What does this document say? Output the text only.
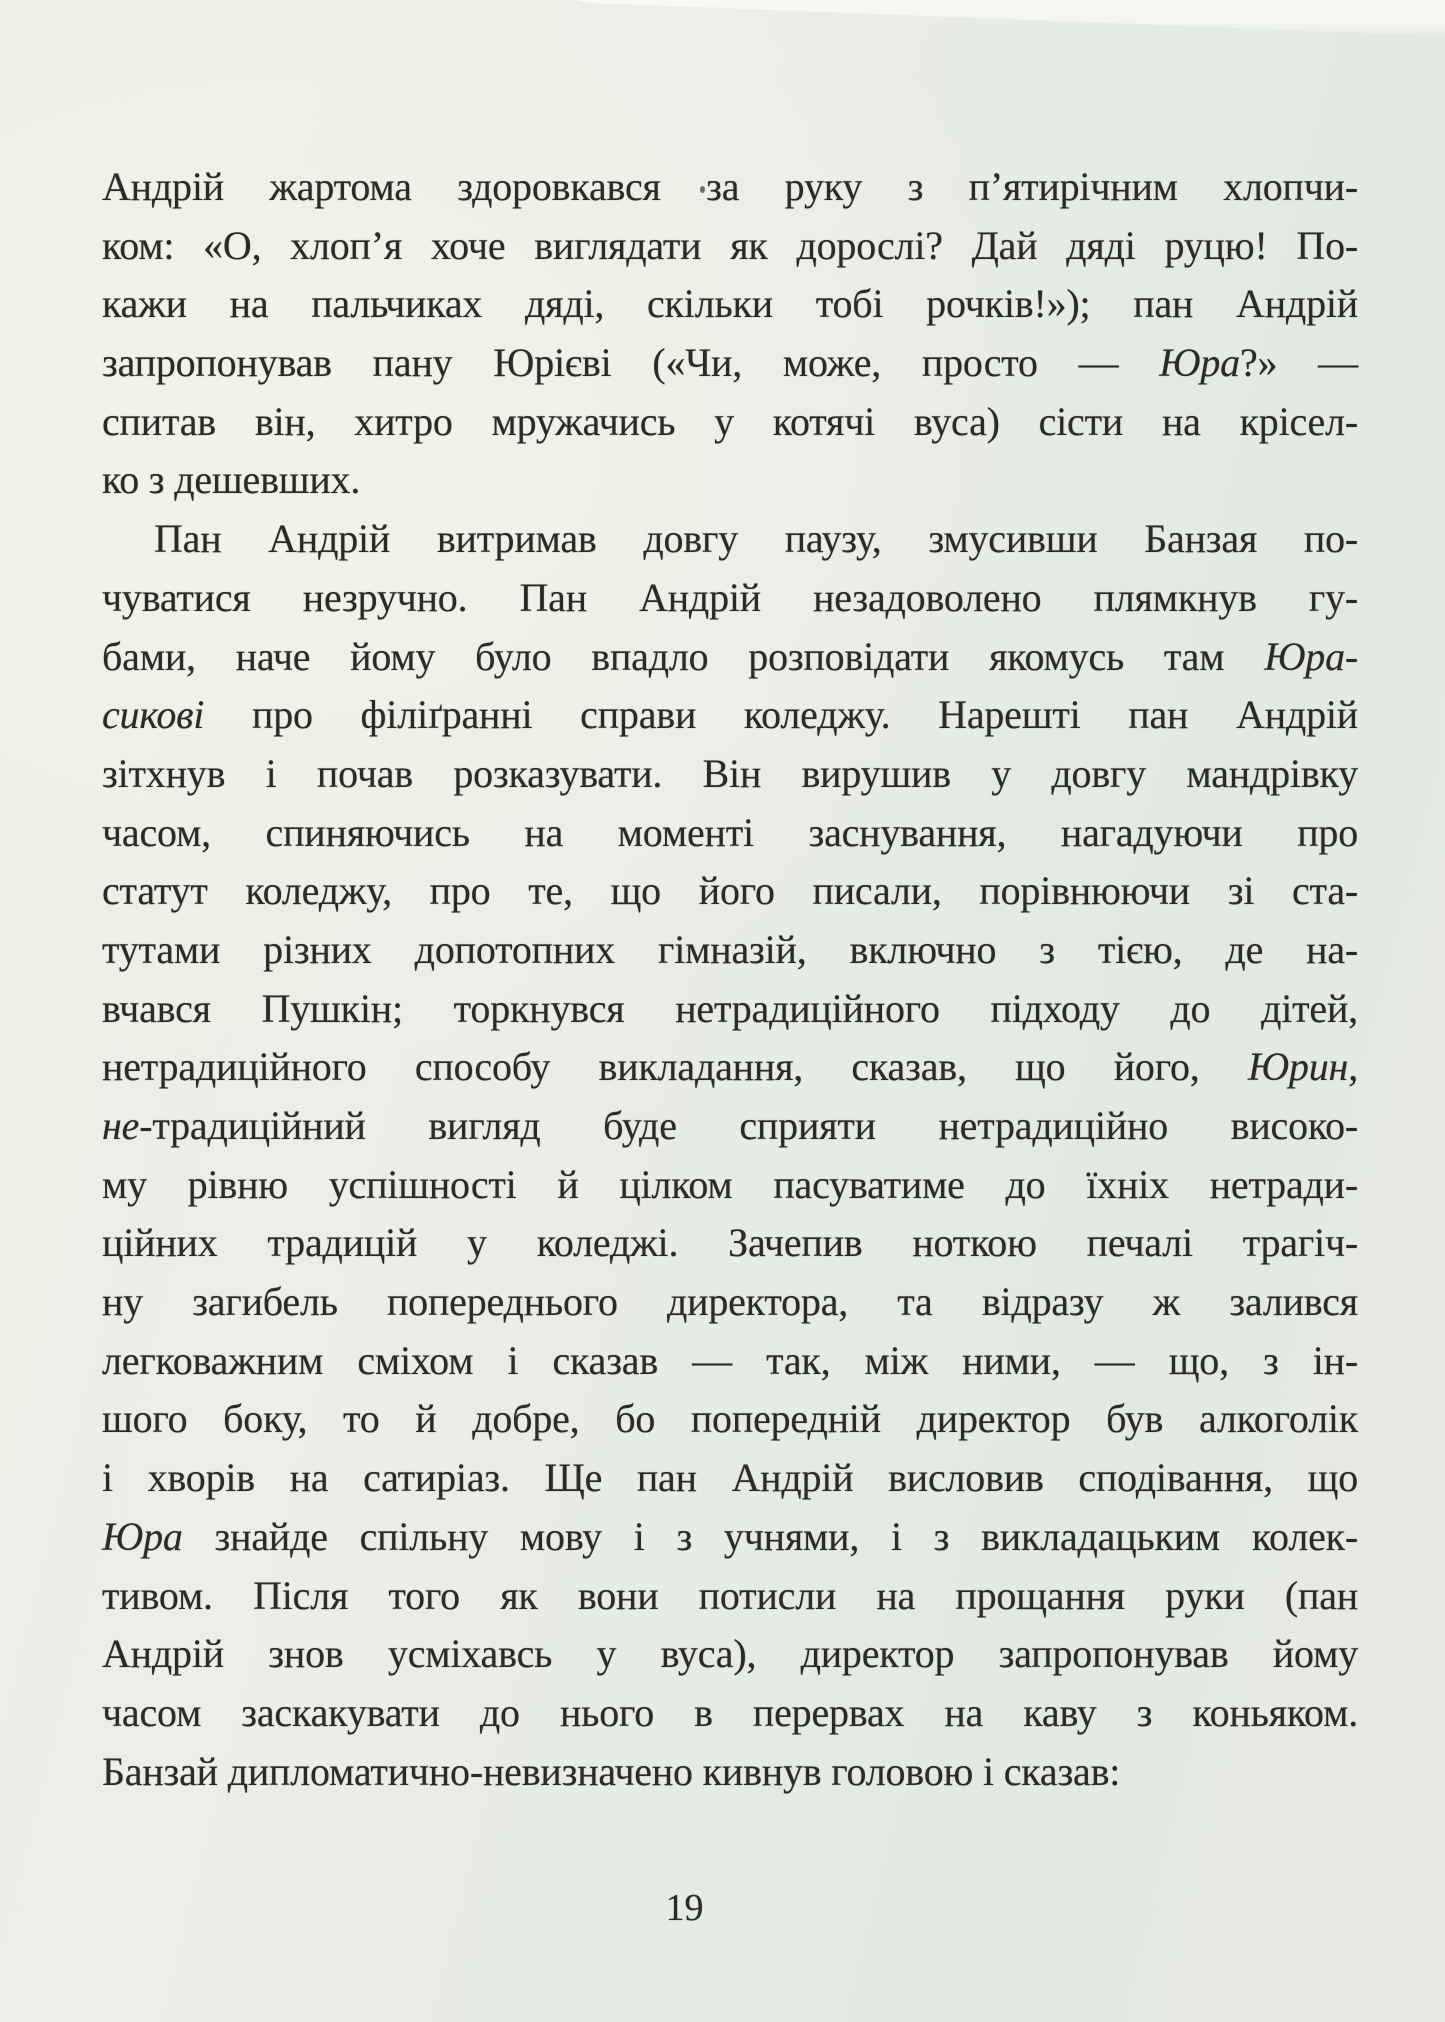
Андрій жартома здоровкався за руку з п’ятирічним хлопчи-
ком: «О, хлоп’я хоче виглядати як дорослі? Дай дяді руцю! По-
кажи на пальчиках дяді, скільки тобі рочків!»); пан Андрій
запропонував пану Юрієві («Чи, може, просто — Юра?» —
спитав він, хитро мружачись у котячі вуса) сісти на крісел-
ко з дешевших.
Пан Андрій витримав довгу паузу, змусивши Банзая по-
чуватися незручно. Пан Андрій незадоволено плямкнув гу-
бами, наче йому було впадло розповідати якомусь там Юра-
сикові про філіґранні справи коледжу. Нарешті пан Андрій
зітхнув і почав розказувати. Він вирушив у довгу мандрівку
часом, спиняючись на моменті заснування, нагадуючи про
статут коледжу, про те, що його писали, порівнюючи зі ста-
тутами різних допотопних гімназій, включно з тією, де на-
вчався Пушкін; торкнувся нетрадиційного підходу до дітей,
нетрадиційного способу викладання, сказав, що його, Юрин,
не-традиційний вигляд буде сприяти нетрадиційно високо-
му рівню успішності й цілком пасуватиме до їхніх нетради-
ційних традицій у коледжі. Зачепив ноткою печалі трагіч-
ну загибель попереднього директора, та відразу ж залився
легковажним сміхом і сказав — так, між ними, — що, з ін-
шого боку, то й добре, бо попередній директор був алкоголік
і хворів на сатиріаз. Ще пан Андрій висловив сподівання, що
Юра знайде спільну мову і з учнями, і з викладацьким колек-
тивом. Після того як вони потисли на прощання руки (пан
Андрій знов усміхавсь у вуса), директор запропонував йому
часом заскакувати до нього в перервах на каву з коньяком.
Банзай дипломатично-невизначено кивнув головою і сказав:
19
